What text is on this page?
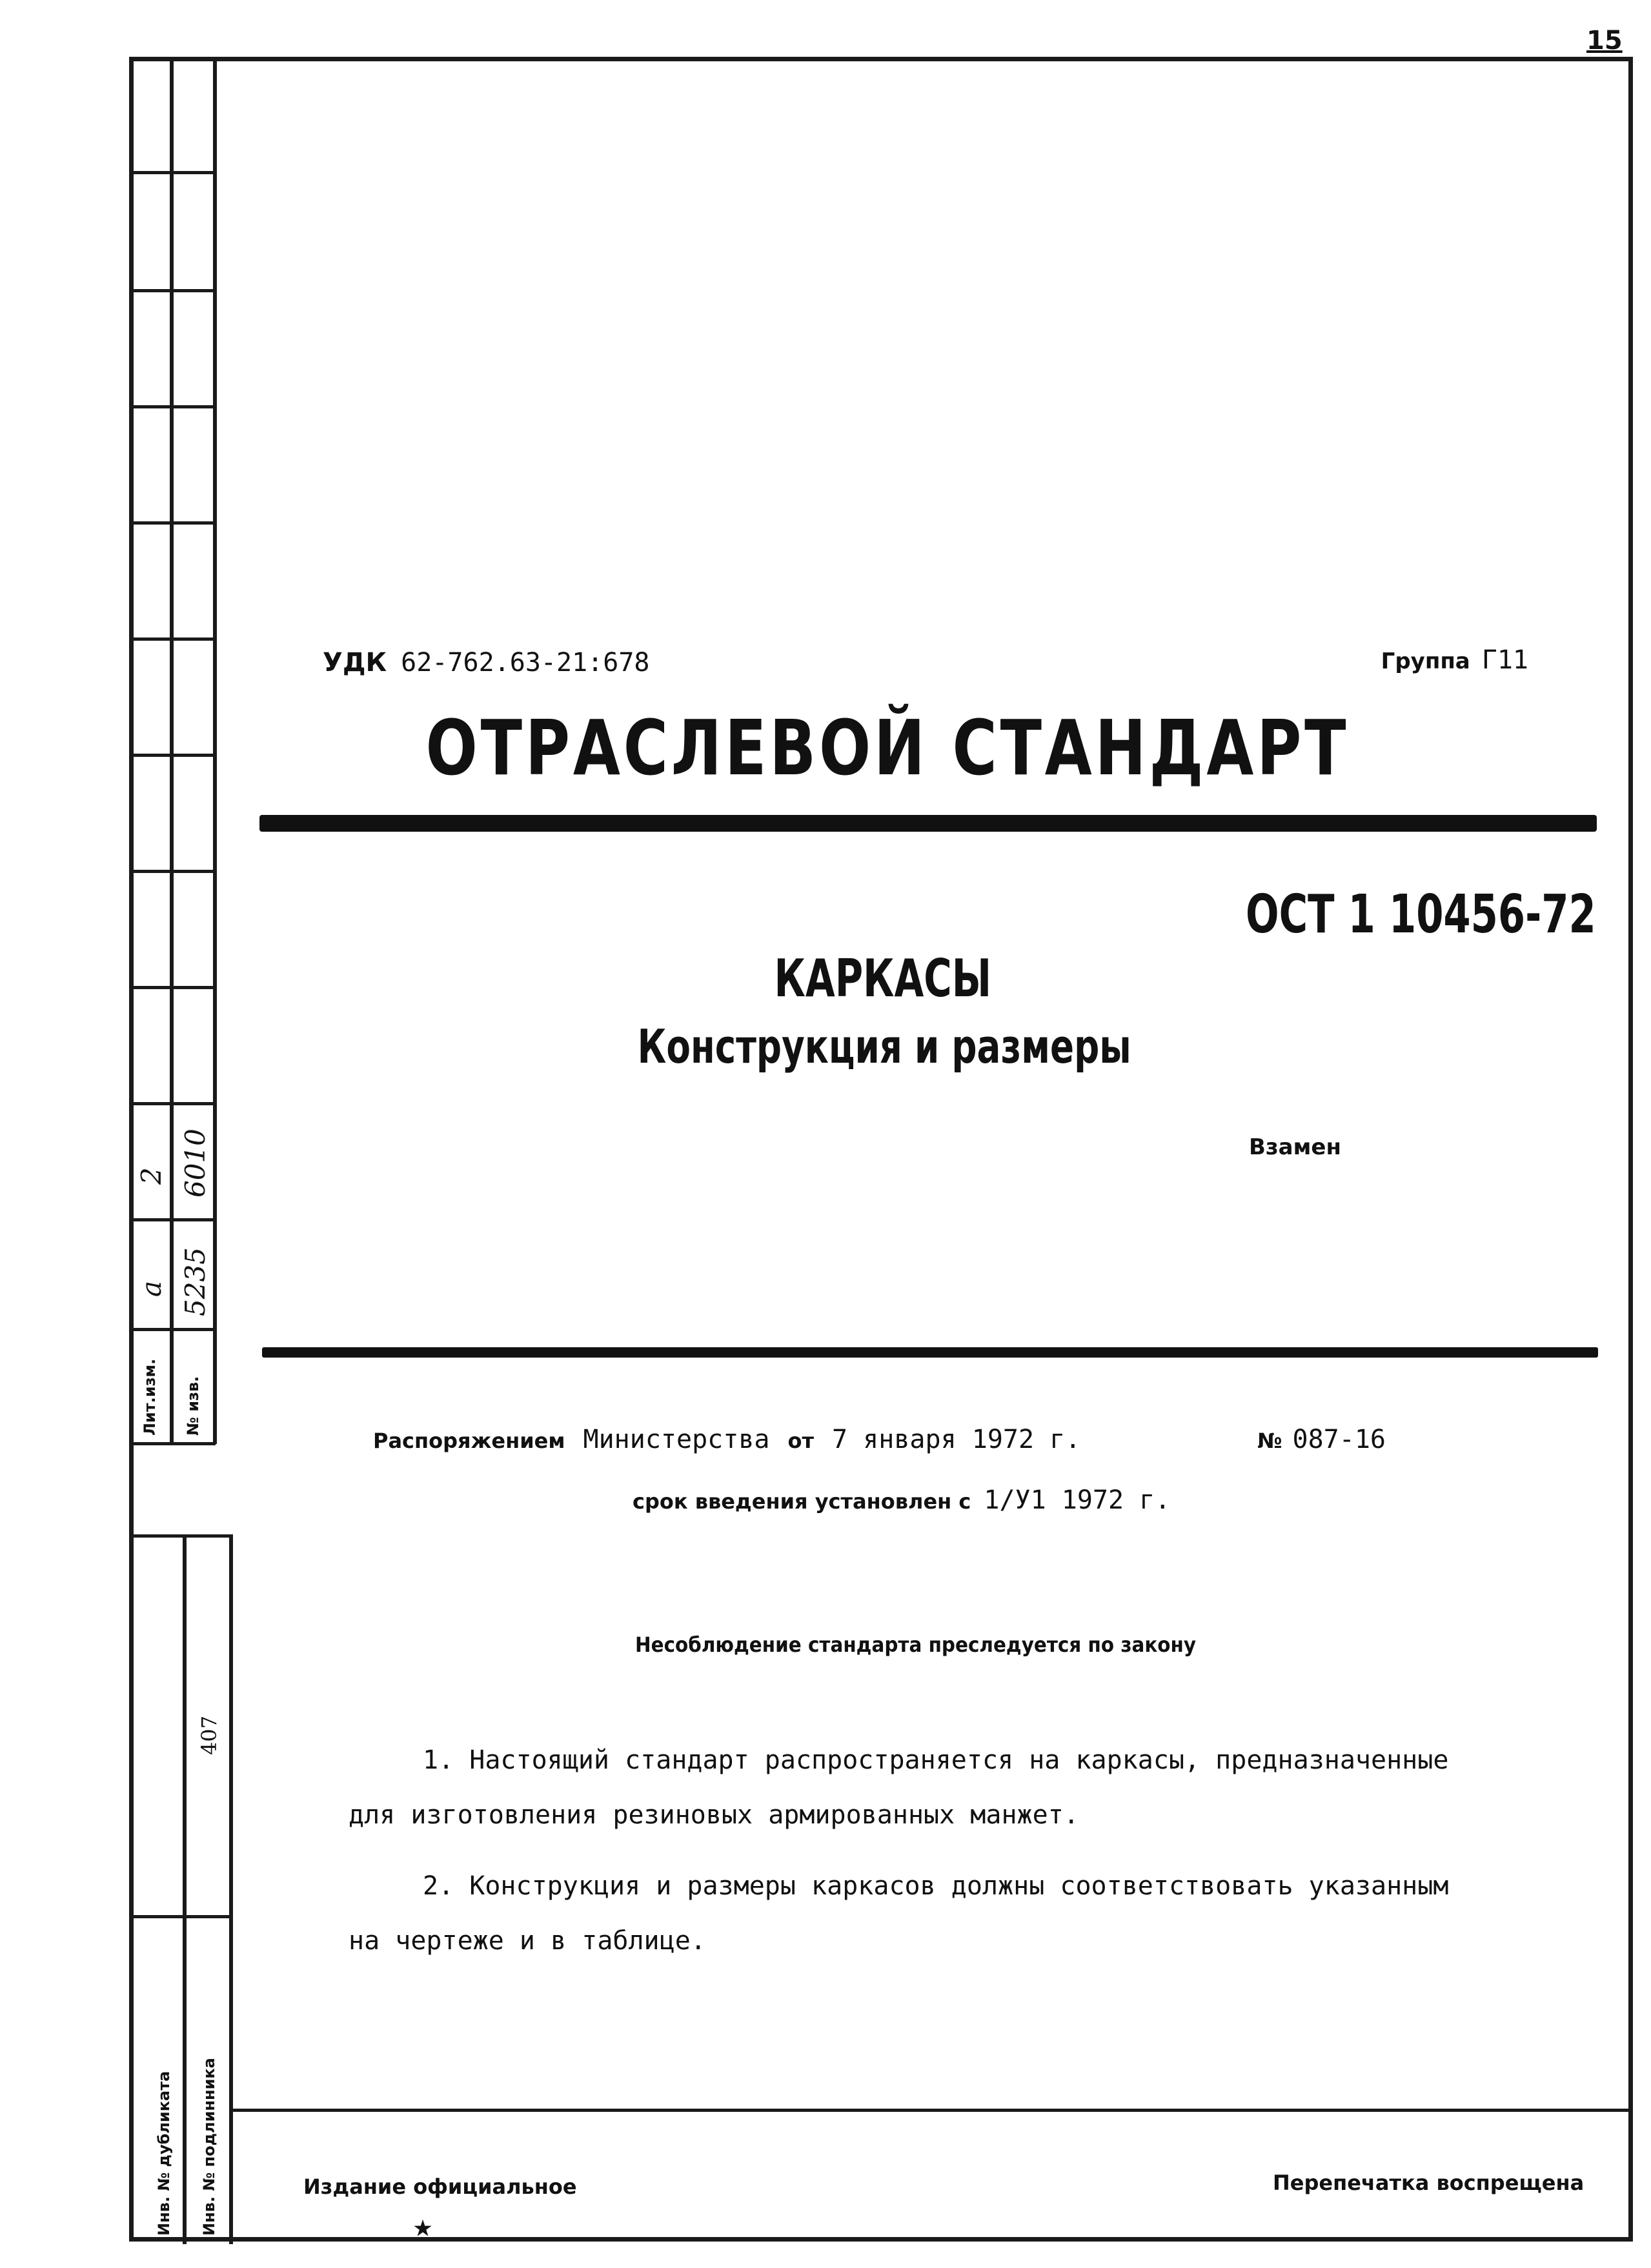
Лит.изм. № изв.
а
2
5235
6010
407
Инв. № дубликата Инв. № подлинника
15
УДК 62-762.63-21:678	Группа Г11
ОТРАСЛЕВОЙ СТАНДАРТ
ОСТ 1 10456-72
КАРКАСЫ
Конструкция и размеры
Взамен
Распоряжением Министерства от 7 января 1972 г.	№ 087-16
срок введения установлен с 1/У1 1972 г.
Несоблюдение стандарта преследуется по закону
1. Настоящий стандарт распространяется на каркасы, предназначенные
для изготовления резиновых армированных манжет.
2. Конструкция и размеры каркасов должны соответствовать указанным
на чертеже и в таблице.
Издание официальное
★
Перепечатка воспрещена
